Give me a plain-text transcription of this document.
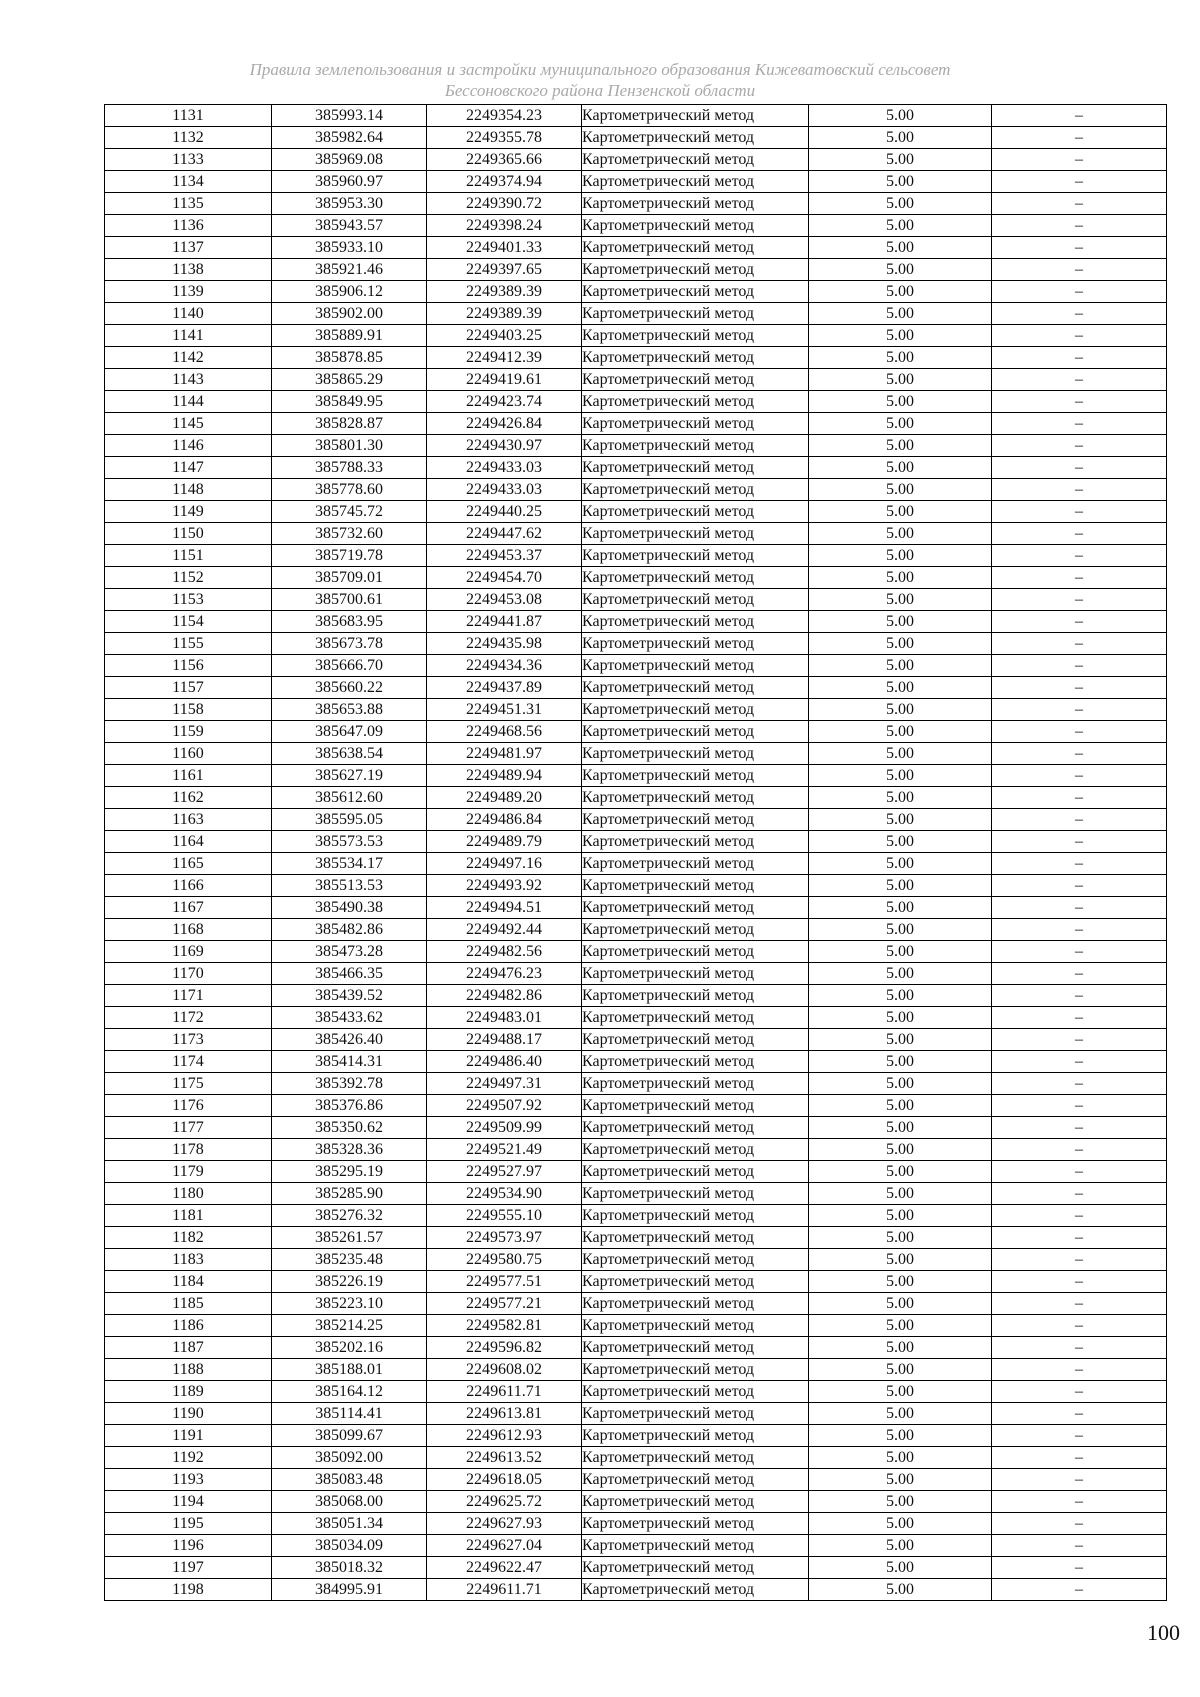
Правила землепользования и застройки муниципального образования Кижеватовский сельсовет
Бессоновского района Пензенской области
1131	385993.14	2249354.23	Картометрический метод	5.00	–
1132	385982.64	2249355.78	Картометрический метод	5.00	–
1133	385969.08	2249365.66	Картометрический метод	5.00	–
1134	385960.97	2249374.94	Картометрический метод	5.00	–
1135	385953.30	2249390.72	Картометрический метод	5.00	–
1136	385943.57	2249398.24	Картометрический метод	5.00	–
1137	385933.10	2249401.33	Картометрический метод	5.00	–
1138	385921.46	2249397.65	Картометрический метод	5.00	–
1139	385906.12	2249389.39	Картометрический метод	5.00	–
1140	385902.00	2249389.39	Картометрический метод	5.00	–
1141	385889.91	2249403.25	Картометрический метод	5.00	–
1142	385878.85	2249412.39	Картометрический метод	5.00	–
1143	385865.29	2249419.61	Картометрический метод	5.00	–
1144	385849.95	2249423.74	Картометрический метод	5.00	–
1145	385828.87	2249426.84	Картометрический метод	5.00	–
1146	385801.30	2249430.97	Картометрический метод	5.00	–
1147	385788.33	2249433.03	Картометрический метод	5.00	–
1148	385778.60	2249433.03	Картометрический метод	5.00	–
1149	385745.72	2249440.25	Картометрический метод	5.00	–
1150	385732.60	2249447.62	Картометрический метод	5.00	–
1151	385719.78	2249453.37	Картометрический метод	5.00	–
1152	385709.01	2249454.70	Картометрический метод	5.00	–
1153	385700.61	2249453.08	Картометрический метод	5.00	–
1154	385683.95	2249441.87	Картометрический метод	5.00	–
1155	385673.78	2249435.98	Картометрический метод	5.00	–
1156	385666.70	2249434.36	Картометрический метод	5.00	–
1157	385660.22	2249437.89	Картометрический метод	5.00	–
1158	385653.88	2249451.31	Картометрический метод	5.00	–
1159	385647.09	2249468.56	Картометрический метод	5.00	–
1160	385638.54	2249481.97	Картометрический метод	5.00	–
1161	385627.19	2249489.94	Картометрический метод	5.00	–
1162	385612.60	2249489.20	Картометрический метод	5.00	–
1163	385595.05	2249486.84	Картометрический метод	5.00	–
1164	385573.53	2249489.79	Картометрический метод	5.00	–
1165	385534.17	2249497.16	Картометрический метод	5.00	–
1166	385513.53	2249493.92	Картометрический метод	5.00	–
1167	385490.38	2249494.51	Картометрический метод	5.00	–
1168	385482.86	2249492.44	Картометрический метод	5.00	–
1169	385473.28	2249482.56	Картометрический метод	5.00	–
1170	385466.35	2249476.23	Картометрический метод	5.00	–
1171	385439.52	2249482.86	Картометрический метод	5.00	–
1172	385433.62	2249483.01	Картометрический метод	5.00	–
1173	385426.40	2249488.17	Картометрический метод	5.00	–
1174	385414.31	2249486.40	Картометрический метод	5.00	–
1175	385392.78	2249497.31	Картометрический метод	5.00	–
1176	385376.86	2249507.92	Картометрический метод	5.00	–
1177	385350.62	2249509.99	Картометрический метод	5.00	–
1178	385328.36	2249521.49	Картометрический метод	5.00	–
1179	385295.19	2249527.97	Картометрический метод	5.00	–
1180	385285.90	2249534.90	Картометрический метод	5.00	–
1181	385276.32	2249555.10	Картометрический метод	5.00	–
1182	385261.57	2249573.97	Картометрический метод	5.00	–
1183	385235.48	2249580.75	Картометрический метод	5.00	–
1184	385226.19	2249577.51	Картометрический метод	5.00	–
1185	385223.10	2249577.21	Картометрический метод	5.00	–
1186	385214.25	2249582.81	Картометрический метод	5.00	–
1187	385202.16	2249596.82	Картометрический метод	5.00	–
1188	385188.01	2249608.02	Картометрический метод	5.00	–
1189	385164.12	2249611.71	Картометрический метод	5.00	–
1190	385114.41	2249613.81	Картометрический метод	5.00	–
1191	385099.67	2249612.93	Картометрический метод	5.00	–
1192	385092.00	2249613.52	Картометрический метод	5.00	–
1193	385083.48	2249618.05	Картометрический метод	5.00	–
1194	385068.00	2249625.72	Картометрический метод	5.00	–
1195	385051.34	2249627.93	Картометрический метод	5.00	–
1196	385034.09	2249627.04	Картометрический метод	5.00	–
1197	385018.32	2249622.47	Картометрический метод	5.00	–
1198	384995.91	2249611.71	Картометрический метод	5.00	–
100
